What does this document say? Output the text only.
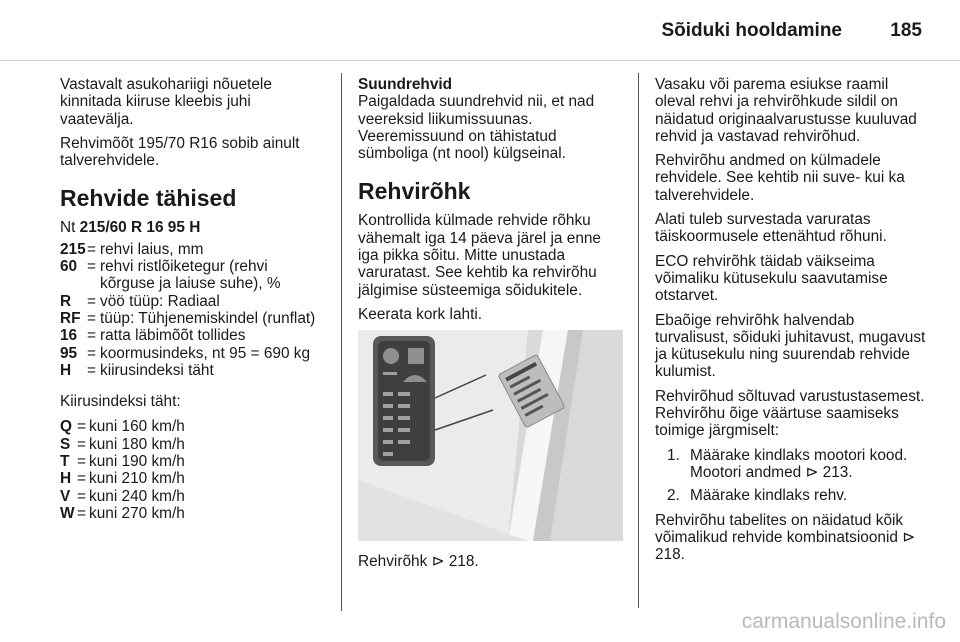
Sõiduki hooldamine	185

Vastavalt asukohariigi nõuetele kinnitada kiiruse kleebis juhi vaatevälja.

Rehvimõõt 195/70 R16 sobib ainult talverehvidele.

Rehvide tähised

Nt 215/60 R 16 95 H

215 = rehvi laius, mm
60 = rehvi ristlõiketegur (rehvi kõrguse ja laiuse suhe), %
R	= vöö tüüp: Radiaal
RF = tüüp: Tühjenemiskindel (runflat)
16 = ratta läbimõõt tollides
95 = koormusindeks, nt 95 = 690 kg
H	= kiirusindeksi täht

Kiirusindeksi täht:

Q = kuni 160 km/h
S = kuni 180 km/h
T = kuni 190 km/h
H = kuni 210 km/h
V = kuni 240 km/h
W = kuni 270 km/h
Suundrehvid

Paigaldada suundrehvid nii, et nad veereksid liikumissuunas. Veeremissuund on tähistatud sümboliga (nt nool) külgseinal.

Rehvirõhk

Kontrollida külmade rehvide rõhku vähemalt iga 14 päeva järel ja enne iga pikka sõitu. Mitte unustada varuratast. See kehtib ka rehvirõhu jälgimise süsteemiga sõidukitele.

Keerata kork lahti.

Rehvirõhk ⊳ 218.

Vasaku või parema esiukse raamil oleval rehvi ja rehvirõhkude sildil on näidatud originaalvarustusse kuuluvad rehvid ja vastavad rehvirõhud.

Rehvirõhu andmed on külmadele rehvidele. See kehtib nii suve- kui ka talverehvidele.

Alati tuleb survestada varuratas täiskoormusele ettenähtud rõhuni.

ECO rehvirõhk täidab väikseima võimaliku kütusekulu saavutamise otstarvet.

Ebaõige rehvirõhk halvendab turvalisust, sõiduki juhitavust, mugavust ja kütusekulu ning suurendab rehvide kulumist.

Rehvirõhud sõltuvad varustustasemest. Rehvirõhu õige väärtuse saamiseks toimige järgmiselt:

1. Määrake kindlaks mootori kood. Mootori andmed ⊳ 213.
2. Määrake kindlaks rehv.

Rehvirõhu tabelites on näidatud kõik võimalikud rehvide kombinatsioonid ⊳ 218.

carmanualsonline.info
